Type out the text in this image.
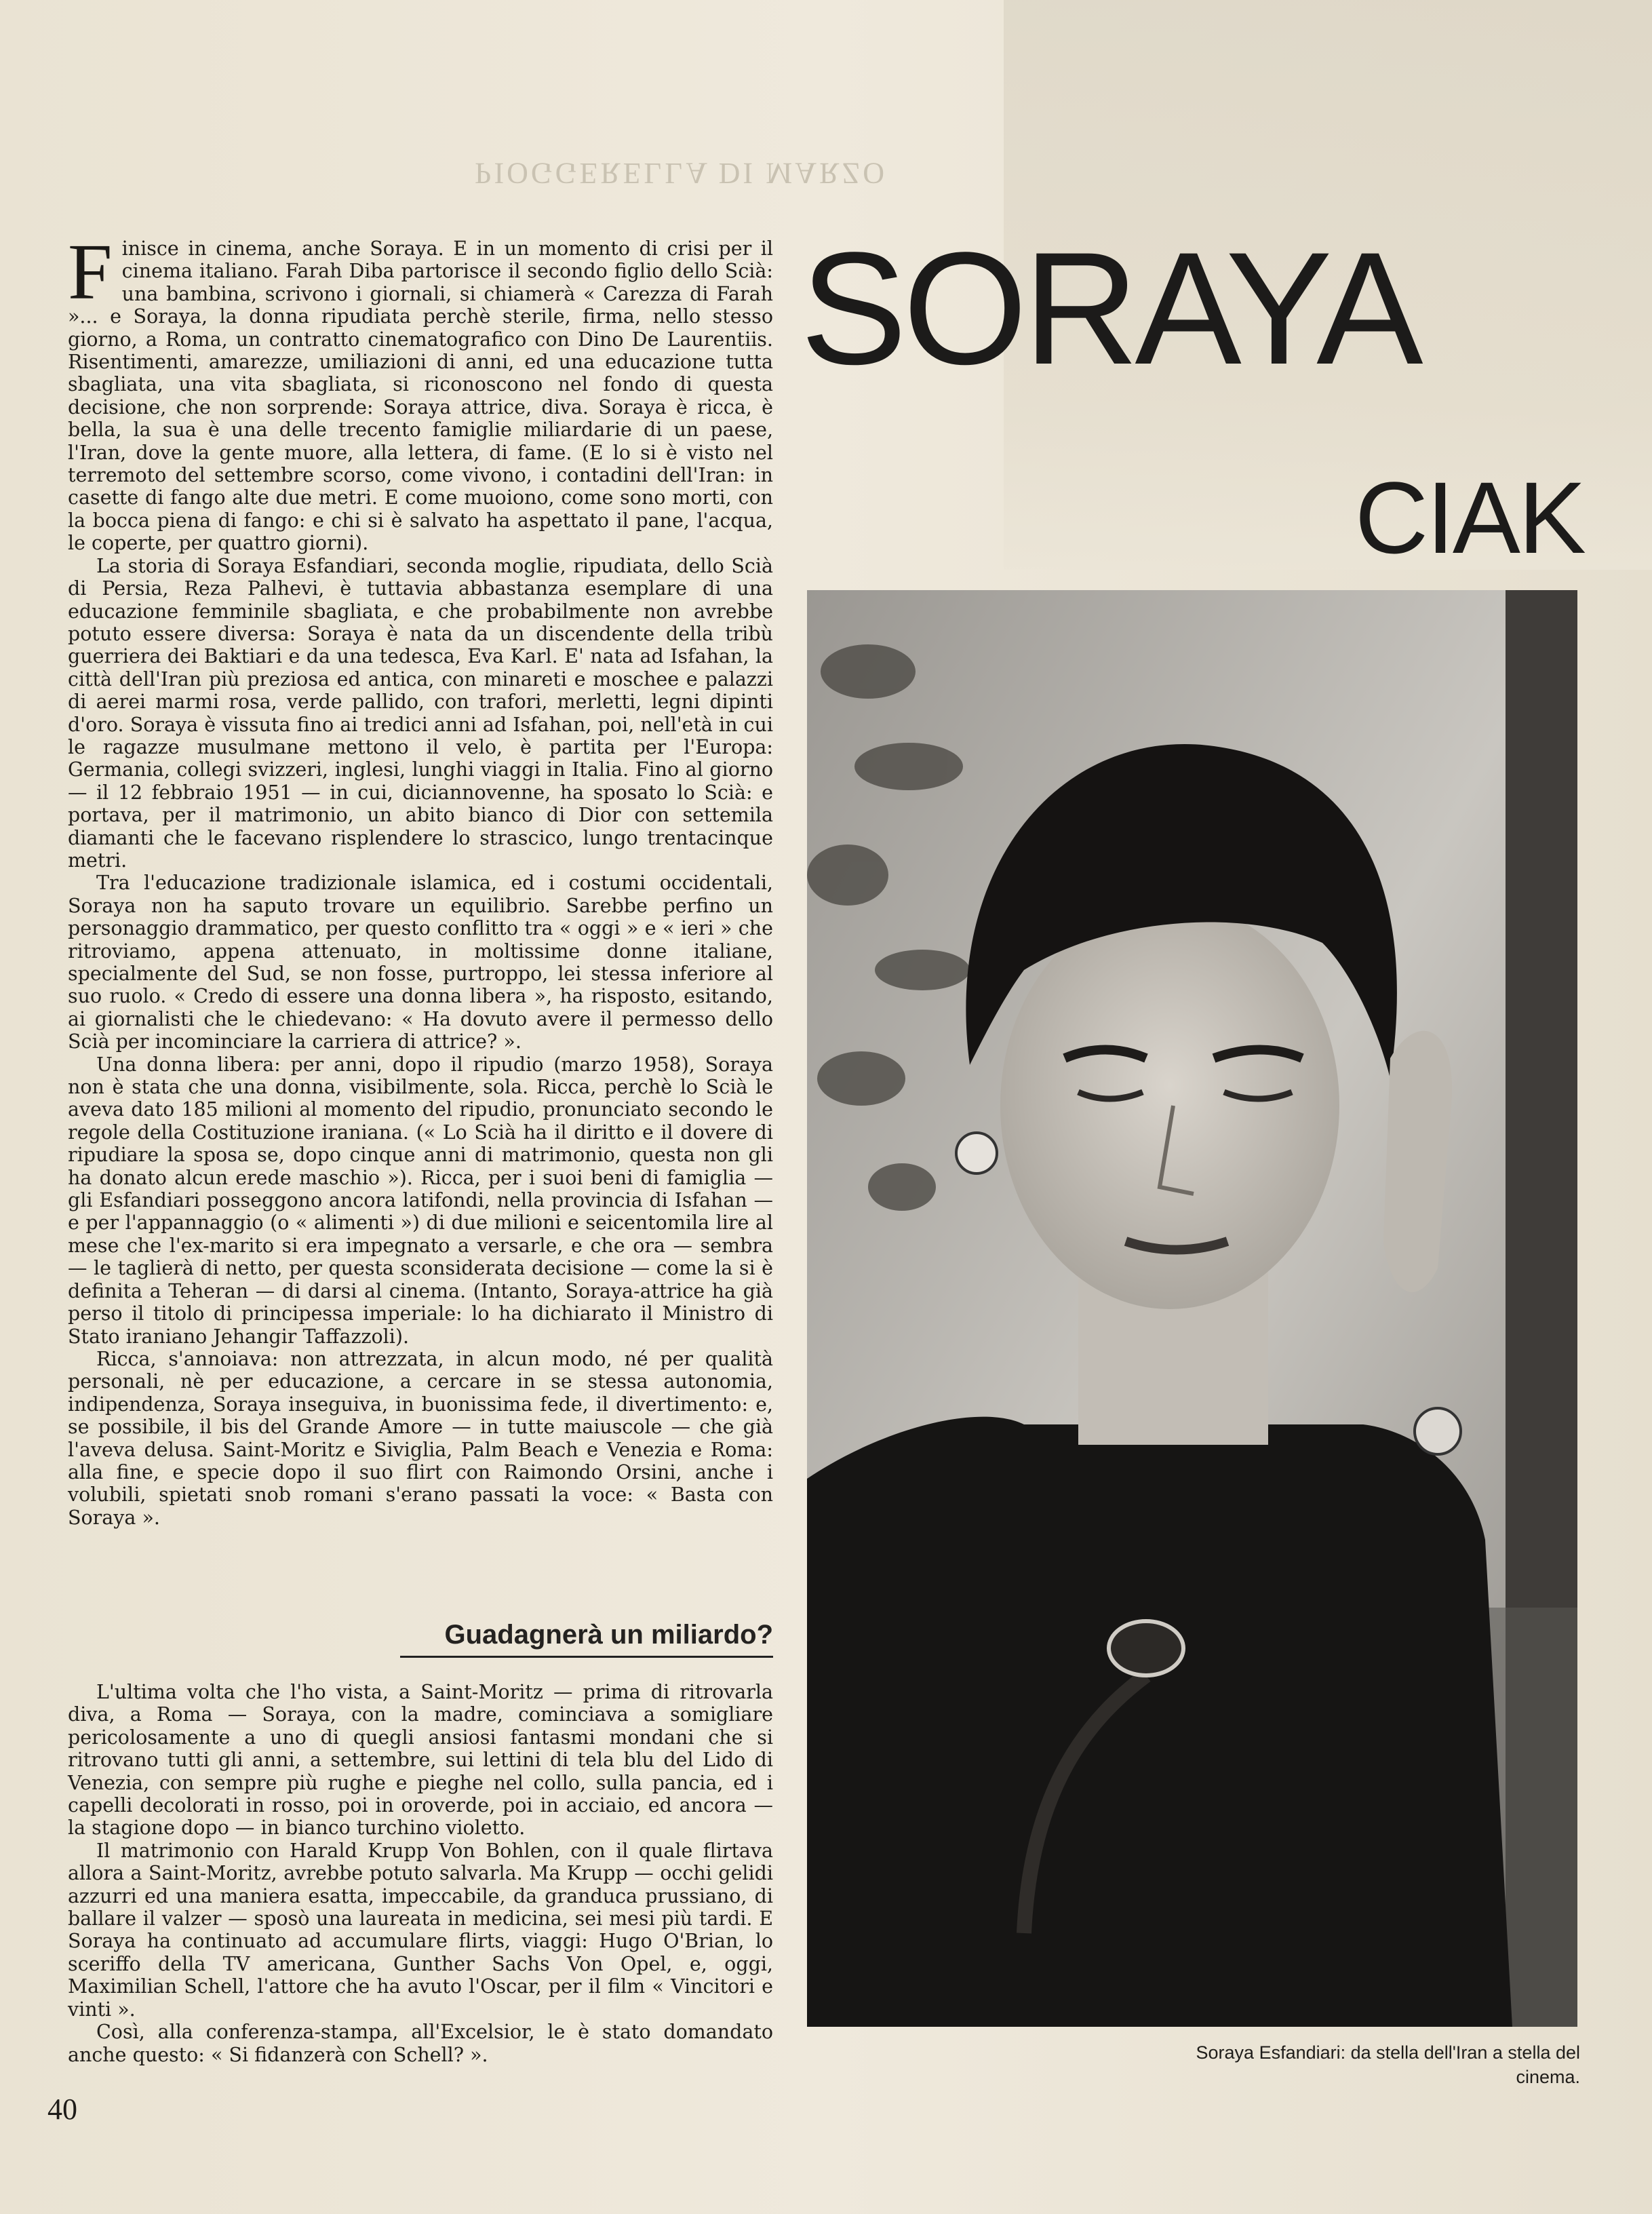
PIOGGERELLA DI MARZO

Finisce in cinema, anche Soraya. E in un momento di crisi per il cinema italiano. Farah Diba partorisce il secondo figlio dello Scià: una bambina, scrivono i giornali, si chiamerà « Carezza di Farah »... e Soraya, la donna ripudiata perchè sterile, firma, nello stesso giorno, a Roma, un contratto cinematografico con Dino De Laurentiis. Risentimenti, amarezze, umiliazioni di anni, ed una educazione tutta sbagliata, una vita sbagliata, si riconoscono nel fondo di questa decisione, che non sorprende: Soraya attrice, diva. Soraya è ricca, è bella, la sua è una delle trecento famiglie miliardarie di un paese, l'Iran, dove la gente muore, alla lettera, di fame. (E lo si è visto nel terremoto del settembre scorso, come vivono, i contadini dell'Iran: in casette di fango alte due metri. E come muoiono, come sono morti, con la bocca piena di fango: e chi si è salvato ha aspettato il pane, l'acqua, le coperte, per quattro giorni).

La storia di Soraya Esfandiari, seconda moglie, ripudiata, dello Scià di Persia, Reza Palhevi, è tuttavia abbastanza esemplare di una educazione femminile sbagliata, e che probabilmente non avrebbe potuto essere diversa: Soraya è nata da un discendente della tribù guerriera dei Baktiari e da una tedesca, Eva Karl. E' nata ad Isfahan, la città dell'Iran più preziosa ed antica, con minareti e moschee e palazzi di aerei marmi rosa, verde pallido, con trafori, merletti, legni dipinti d'oro. Soraya è vissuta fino ai tredici anni ad Isfahan, poi, nell'età in cui le ragazze musulmane mettono il velo, è partita per l'Europa: Germania, collegi svizzeri, inglesi, lunghi viaggi in Italia. Fino al giorno — il 12 febbraio 1951 — in cui, diciannovenne, ha sposato lo Scià: e portava, per il matrimonio, un abito bianco di Dior con settemila diamanti che le facevano risplendere lo strascico, lungo trentacinque metri.

Tra l'educazione tradizionale islamica, ed i costumi occidentali, Soraya non ha saputo trovare un equilibrio. Sarebbe perfino un personaggio drammatico, per questo conflitto tra « oggi » e « ieri » che ritroviamo, appena attenuato, in moltissime donne italiane, specialmente del Sud, se non fosse, purtroppo, lei stessa inferiore al suo ruolo. « Credo di essere una donna libera », ha risposto, esitando, ai giornalisti che le chiedevano: « Ha dovuto avere il permesso dello Scià per incominciare la carriera di attrice? ».

Una donna libera: per anni, dopo il ripudio (marzo 1958), Soraya non è stata che una donna, visibilmente, sola. Ricca, perchè lo Scià le aveva dato 185 milioni al momento del ripudio, pronunciato secondo le regole della Costituzione iraniana. (« Lo Scià ha il diritto e il dovere di ripudiare la sposa se, dopo cinque anni di matrimonio, questa non gli ha donato alcun erede maschio »). Ricca, per i suoi beni di famiglia — gli Esfandiari posseggono ancora latifondi, nella provincia di Isfahan — e per l'appannaggio (o « alimenti ») di due milioni e seicentomila lire al mese che l'ex-marito si era impegnato a versarle, e che ora — sembra — le taglierà di netto, per questa sconsiderata decisione — come la si è definita a Teheran — di darsi al cinema. (Intanto, Soraya-attrice ha già perso il titolo di principessa imperiale: lo ha dichiarato il Ministro di Stato iraniano Jehangir Taffazzoli).

Ricca, s'annoiava: non attrezzata, in alcun modo, né per qualità personali, nè per educazione, a cercare in se stessa autonomia, indipendenza, Soraya inseguiva, in buonissima fede, il divertimento: e, se possibile, il bis del Grande Amore — in tutte maiuscole — che già l'aveva delusa. Saint-Moritz e Siviglia, Palm Beach e Venezia e Roma: alla fine, e specie dopo il suo flirt con Raimondo Orsini, anche i volubili, spietati snob romani s'erano passati la voce: « Basta con Soraya ».

Guadagnerà un miliardo?

L'ultima volta che l'ho vista, a Saint-Moritz — prima di ritrovarla diva, a Roma — Soraya, con la madre, cominciava a somigliare pericolosamente a uno di quegli ansiosi fantasmi mondani che si ritrovano tutti gli anni, a settembre, sui lettini di tela blu del Lido di Venezia, con sempre più rughe e pieghe nel collo, sulla pancia, ed i capelli decolorati in rosso, poi in oroverde, poi in acciaio, ed ancora — la stagione dopo — in bianco turchino violetto.

Il matrimonio con Harald Krupp Von Bohlen, con il quale flirtava allora a Saint-Moritz, avrebbe potuto salvarla. Ma Krupp — occhi gelidi azzurri ed una maniera esatta, impeccabile, da granduca prussiano, di ballare il valzer — sposò una laureata in medicina, sei mesi più tardi. E Soraya ha continuato ad accumulare flirts, viaggi: Hugo O'Brian, lo sceriffo della TV americana, Gunther Sachs Von Opel, e, oggi, Maximilian Schell, l'attore che ha avuto l'Oscar, per il film « Vincitori e vinti ».

Così, alla conferenza-stampa, all'Excelsior, le è stato domandato anche questo: « Si fidanzerà con Schell? ».

SORAYA
CIAK
Soraya Esfandiari: da stella dell'Iran a stella del cinema.
40
